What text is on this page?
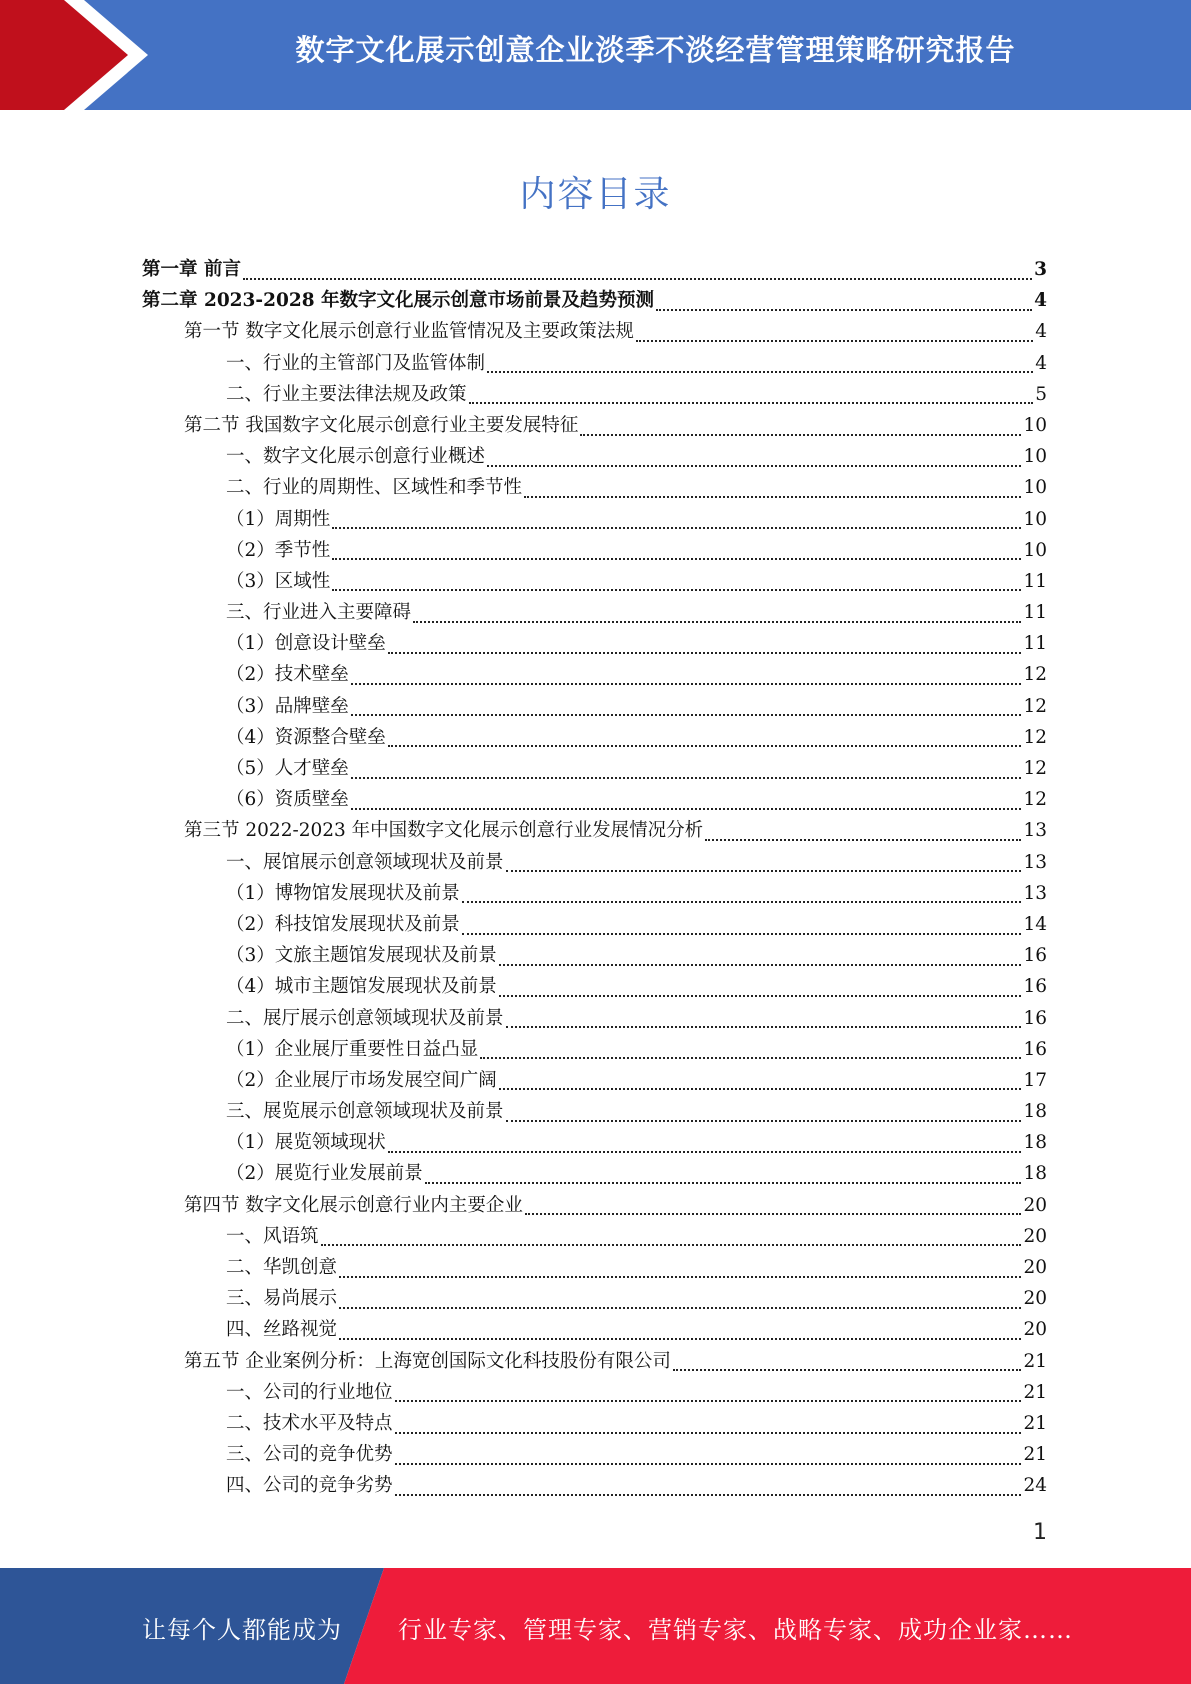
数字文化展示创意企业淡季不淡经营管理策略研究报告
内容目录
第一章 前言	3
第二章 2023-2028 年数字文化展示创意市场前景及趋势预测	4
第一节 数字文化展示创意行业监管情况及主要政策法规	4
一、行业的主管部门及监管体制	4
二、行业主要法律法规及政策	5
第二节 我国数字文化展示创意行业主要发展特征	10
一、数字文化展示创意行业概述	10
二、行业的周期性、区域性和季节性	10
（1）周期性	10
（2）季节性	10
（3）区域性	11
三、行业进入主要障碍	11
（1）创意设计壁垒	11
（2）技术壁垒	12
（3）品牌壁垒	12
（4）资源整合壁垒	12
（5）人才壁垒	12
（6）资质壁垒	12
第三节 2022-2023 年中国数字文化展示创意行业发展情况分析	13
一、展馆展示创意领域现状及前景	13
（1）博物馆发展现状及前景	13
（2）科技馆发展现状及前景	14
（3）文旅主题馆发展现状及前景	16
（4）城市主题馆发展现状及前景	16
二、展厅展示创意领域现状及前景	16
（1）企业展厅重要性日益凸显	16
（2）企业展厅市场发展空间广阔	17
三、展览展示创意领域现状及前景	18
（1）展览领域现状	18
（2）展览行业发展前景	18
第四节 数字文化展示创意行业内主要企业	20
一、风语筑	20
二、华凯创意	20
三、易尚展示	20
四、丝路视觉	20
第五节 企业案例分析：上海宽创国际文化科技股份有限公司	21
一、公司的行业地位	21
二、技术水平及特点	21
三、公司的竞争优势	21
四、公司的竞争劣势	24
1
让每个人都能成为 行业专家、管理专家、营销专家、战略专家、成功企业家……
